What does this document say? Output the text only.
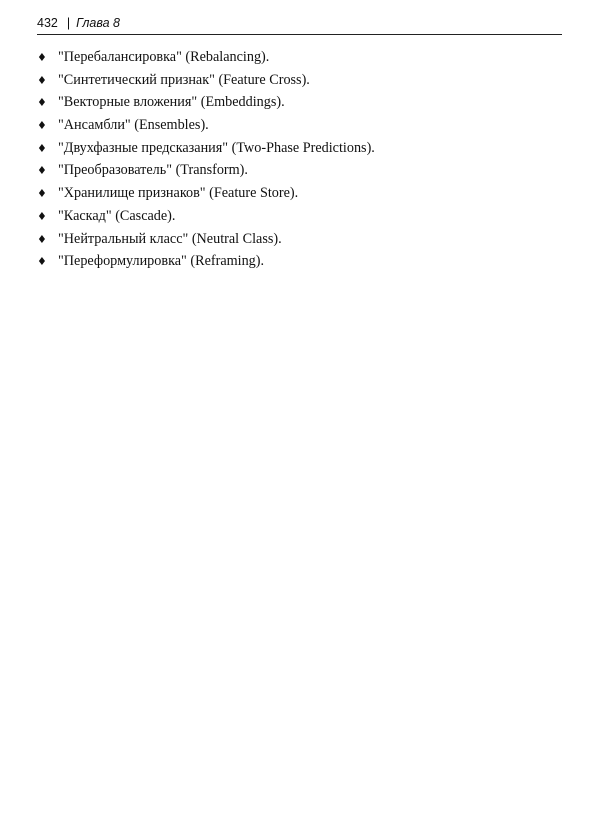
432 | Глава 8
♦ "Перебалансировка" (Rebalancing).
♦ "Синтетический признак" (Feature Cross).
♦ "Векторные вложения" (Embeddings).
♦ "Ансамбли" (Ensembles).
♦ "Двухфазные предсказания" (Two-Phase Predictions).
♦ "Преобразователь" (Transform).
♦ "Хранилище признаков" (Feature Store).
♦ "Каскад" (Cascade).
♦ "Нейтральный класс" (Neutral Class).
♦ "Переформулировка" (Reframing).
